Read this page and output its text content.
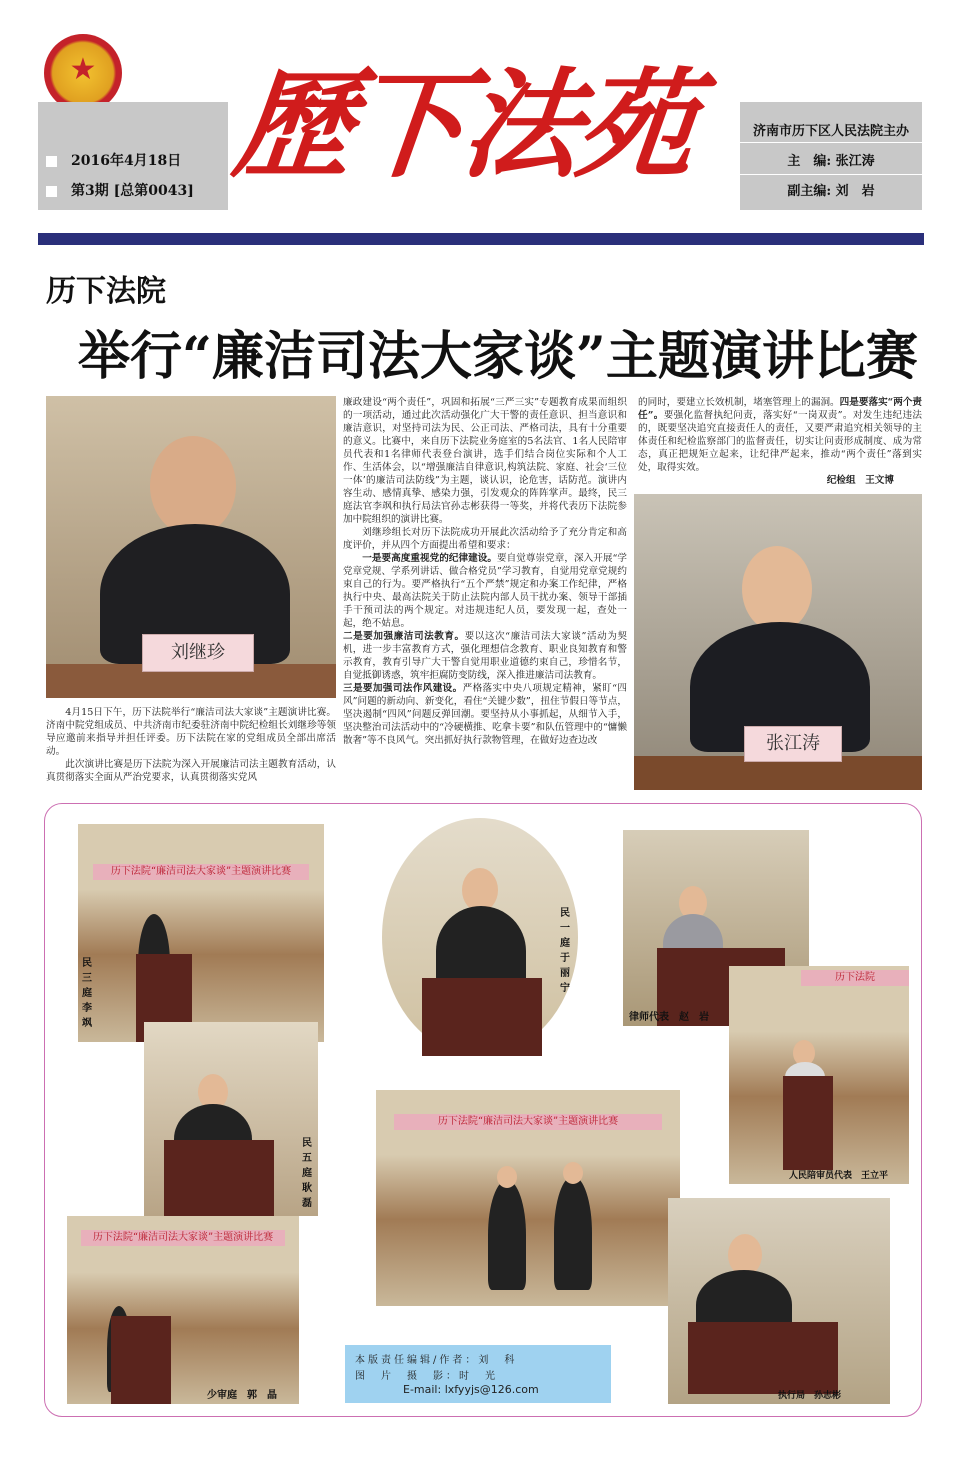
★
2016年4月18日
第3期 [总第0043] 歷下法苑	济南市历下区人民法院主办
主　编: 张江涛
副主编: 刘　岩
历下法院
举行“廉洁司法大家谈”主题演讲比赛
刘继珍
4月15日下午，历下法院举行“廉洁司法大家谈”主题演讲比赛。济南中院党组成员、中共济南市纪委驻济南中院纪检组长刘继珍等领导应邀前来指导并担任评委。历下法院在家的党组成员全部出席活动。
此次演讲比赛是历下法院为深入开展廉洁司法主题教育活动，认真贯彻落实全面从严治党要求，认真贯彻落实党风
廉政建设“两个责任”，巩固和拓展“三严三实”专题教育成果而组织的一项活动，通过此次活动强化广大干警的责任意识、担当意识和廉洁意识，对坚持司法为民、公正司法、严格司法，具有十分重要的意义。比赛中，来自历下法院业务庭室的5名法官、1名人民陪审员代表和1名律师代表登台演讲，选手们结合岗位实际和个人工作、生活体会，以“增强廉洁自律意识,构筑法院、家庭、社会‘三位一体’的廉洁司法防线”为主题，谈认识，论危害，话防范。演讲内容生动、感情真挚、感染力强，引发观众的阵阵掌声。最终，民三庭法官李飒和执行局法官孙志彬获得一等奖，并将代表历下法院参加中院组织的演讲比赛。
刘继珍组长对历下法院成功开展此次活动给予了充分肯定和高度评价，并从四个方面提出希望和要求：
一是要高度重视党的纪律建设。要自觉尊崇党章，深入开展“学党章党规、学系列讲话、做合格党员”学习教育，自觉用党章党规约束自己的行为。要严格执行“五个严禁”规定和办案工作纪律，严格执行中央、最高法院关于防止法院内部人员干扰办案、领导干部插手干预司法的两个规定。对违规违纪人员，要发现一起，查处一起，绝不姑息。
二是要加强廉洁司法教育。要以这次“廉洁司法大家谈”活动为契机，进一步丰富教育方式，强化理想信念教育、职业良知教育和警示教育，教育引导广大干警自觉用职业道德约束自己，珍惜名节，自觉抵御诱惑，筑牢拒腐防变防线，深入推进廉洁司法教育。
三是要加强司法作风建设。严格落实中央八项规定精神，紧盯“四风”问题的新动向、新变化，看住“关键少数”，扭住节假日等节点，坚决遏制“四风”问题反弹回潮。要坚持从小事抓起，从细节入手，坚决整治司法活动中的“冷硬横推、吃拿卡要”和队伍管理中的“慵懒散奢”等不良风气。突出抓好执行款物管理，在做好边查边改
的同时，要建立长效机制，堵塞管理上的漏洞。四是要落实“两个责任”。要强化监督执纪问责，落实好“一岗双责”。对发生违纪违法的，既要坚决追究直接责任人的责任，又要严肃追究相关领导的主体责任和纪检监察部门的监督责任，切实让问责形成制度、成为常态，真正把规矩立起来，让纪律严起来，推动“两个责任”落到实处，取得实效。
纪检组　王文博
张江涛
历下法院“廉洁司法大家谈”主题演讲比赛
民三庭　李　飒
民一庭　于丽宁
律师代表　赵　岩
民五庭　耿　磊
历下法院
人民陪审员代表　王立平
历下法院“廉洁司法大家谈”主题演讲比赛
历下法院“廉洁司法大家谈”主题演讲比赛
少审庭　郭　晶	执行局　孙志彬
本版责任编辑/作者：刘　科
图　片　摄　影：时　光
E-mail: lxfyyjs@126.com
